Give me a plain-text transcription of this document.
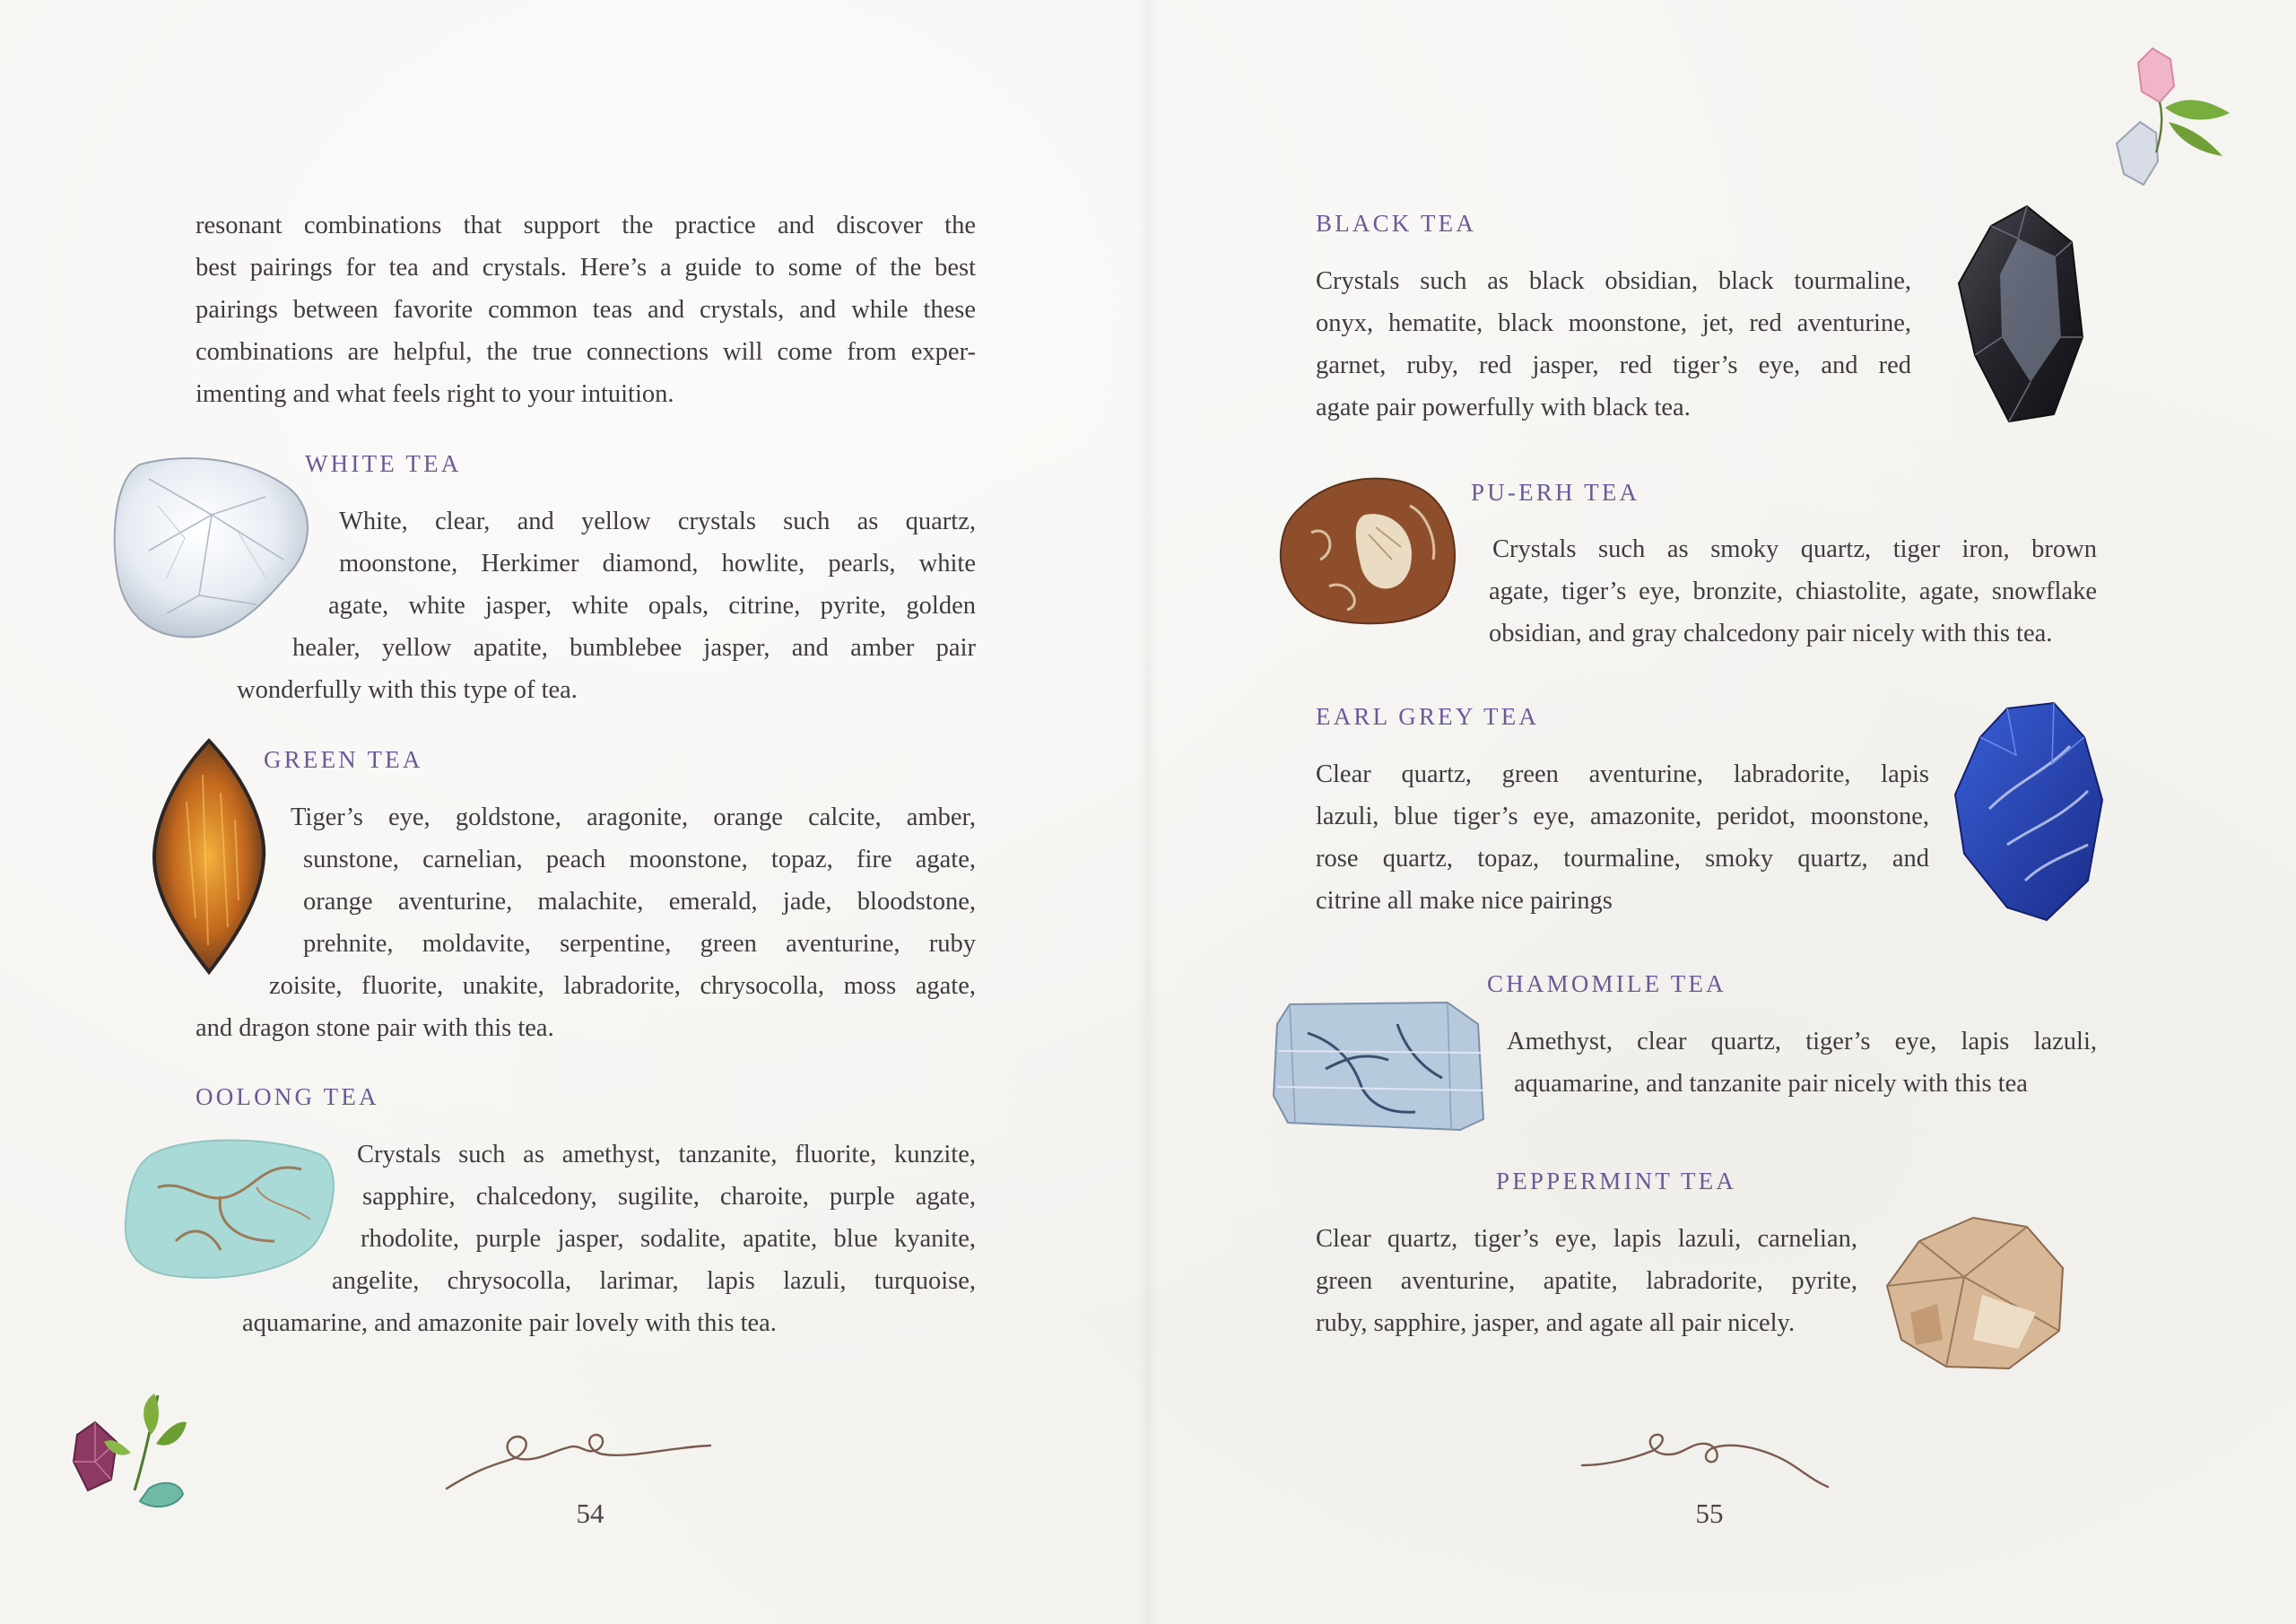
resonant combinations that support the practice and discover the
best pairings for tea and crystals. Here’s a guide to some of the best
pairings between favorite common teas and crystals, and while these
combinations are helpful, the true connections will come from exper-
imenting and what feels right to your intuition.
WHITE TEA
White, clear, and yellow crystals such as quartz,
moonstone, Herkimer diamond, howlite, pearls, white
agate, white jasper, white opals, citrine, pyrite, golden
healer, yellow apatite, bumblebee jasper, and amber pair
wonderfully with this type of tea.
GREEN TEA
Tiger’s eye, goldstone, aragonite, orange calcite, amber,
sunstone, carnelian, peach moonstone, topaz, fire agate,
orange aventurine, malachite, emerald, jade, bloodstone,
prehnite, moldavite, serpentine, green aventurine, ruby
zoisite, fluorite, unakite, labradorite, chrysocolla, moss agate,
and dragon stone pair with this tea.
OOLONG TEA
Crystals such as amethyst, tanzanite, fluorite, kunzite,
sapphire, chalcedony, sugilite, charoite, purple agate,
rhodolite, purple jasper, sodalite, apatite, blue kyanite,
angelite, chrysocolla, larimar, lapis lazuli, turquoise,
aquamarine, and amazonite pair lovely with this tea.
54
BLACK TEA
Crystals such as black obsidian, black tourmaline,
onyx, hematite, black moonstone, jet, red aventurine,
garnet, ruby, red jasper, red tiger’s eye, and red
agate pair powerfully with black tea.
PU-ERH TEA
Crystals such as smoky quartz, tiger iron, brown
agate, tiger’s eye, bronzite, chiastolite, agate, snowflake
obsidian, and gray chalcedony pair nicely with this tea.
EARL GREY TEA
Clear quartz, green aventurine, labradorite, lapis
lazuli, blue tiger’s eye, amazonite, peridot, moonstone,
rose quartz, topaz, tourmaline, smoky quartz, and
citrine all make nice pairings
CHAMOMILE TEA
Amethyst, clear quartz, tiger’s eye, lapis lazuli,
aquamarine, and tanzanite pair nicely with this tea
PEPPERMINT TEA
Clear quartz, tiger’s eye, lapis lazuli, carnelian,
green aventurine, apatite, labradorite, pyrite,
ruby, sapphire, jasper, and agate all pair nicely.
55
